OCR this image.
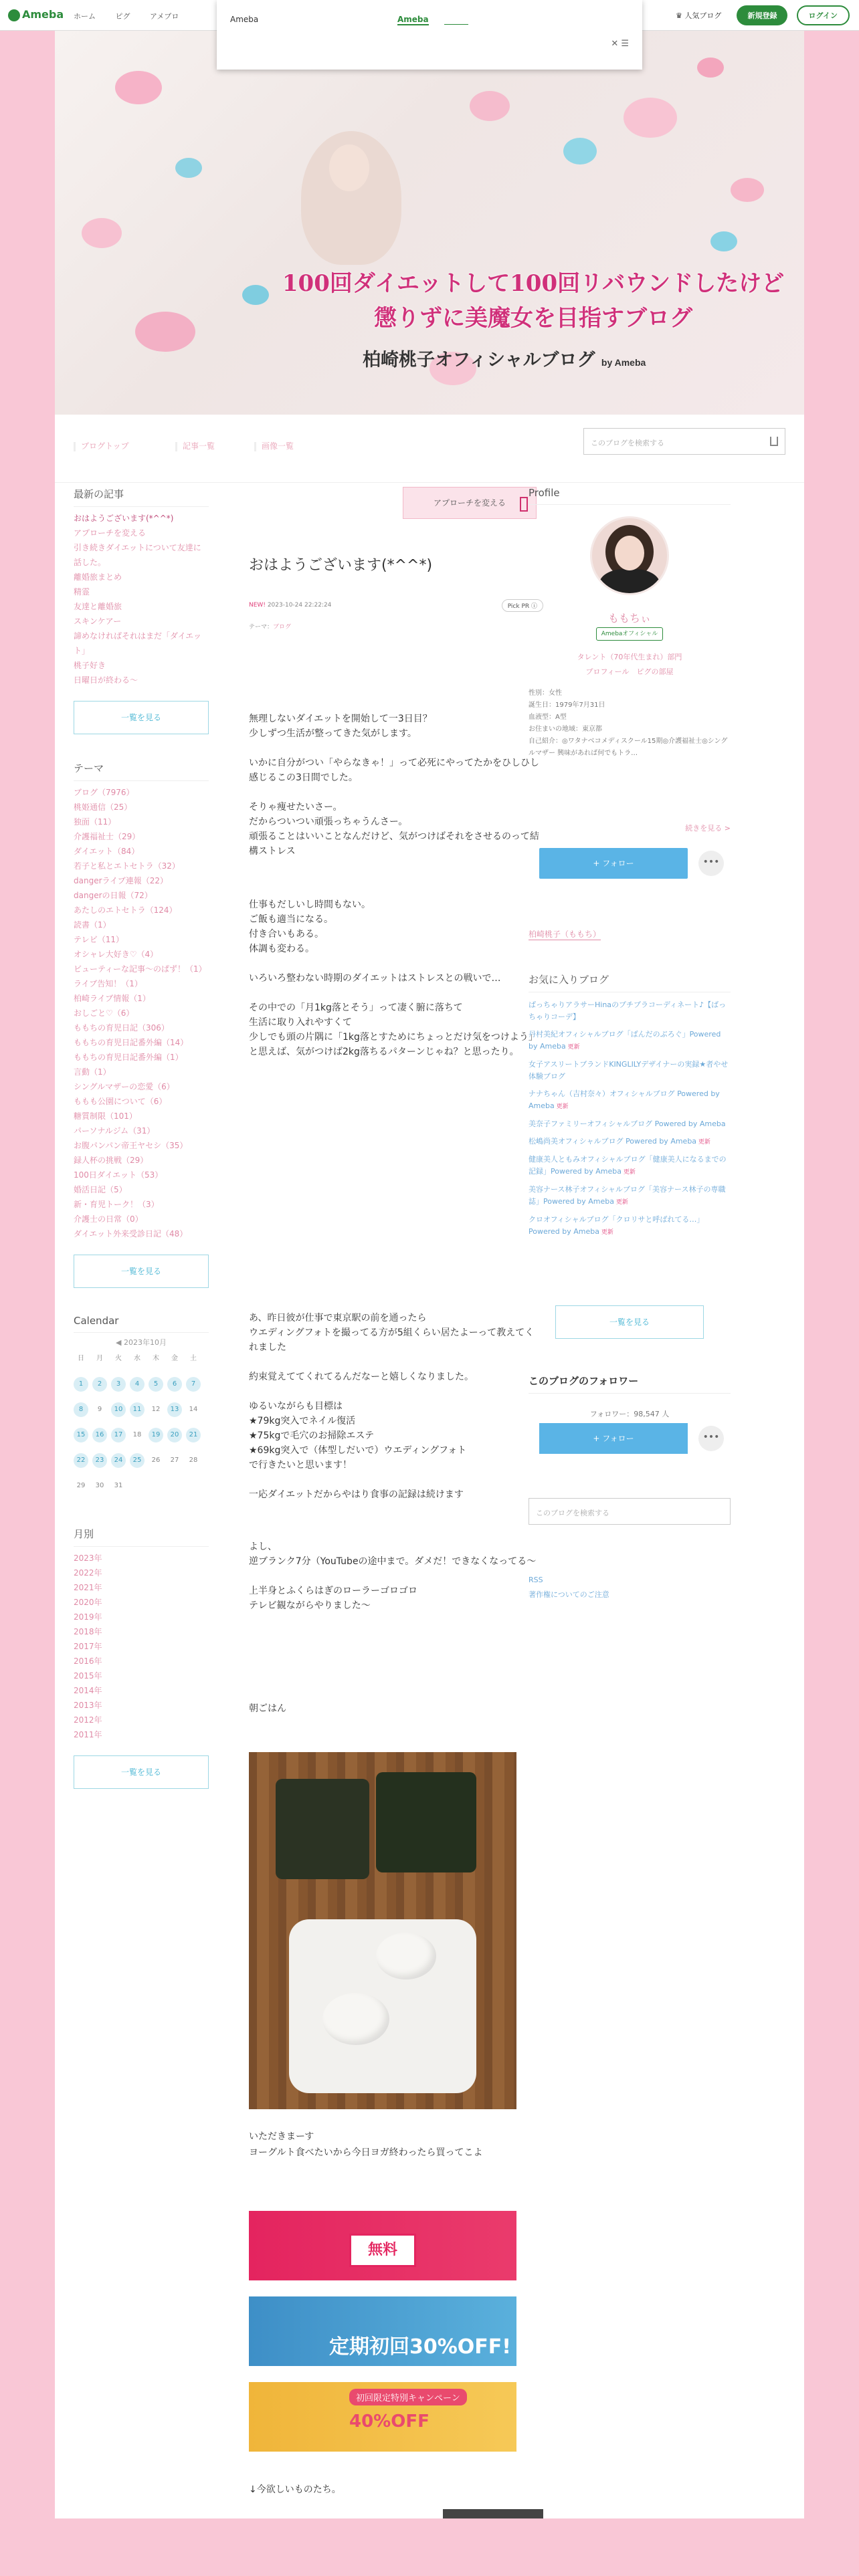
Ameba ホーム	ピグ	アメブロ	♛ 人気ブログ	新規登録	ログイン
Ameba	Ameba
✕ ☰
100回ダイエットして100回リバウンドしたけど
懲りずに美魔女を目指すブログ
柏崎桃子オフィシャルブログ by Ameba
ブログトップ	記事一覧	画像一覧	このブログを検索する
最新の記事
おはようございます(*^^*)
アプローチを変える
引き続きダイエットについて友達に話した。
離婚旅まとめ
精霊
友達と離婚旅
スキンケアー
諦めなければそれはまだ「ダイエット」
桃子好き
日曜日が終わる〜
一覧を見る
テーマ
ブログ（7976）
桃姫通信（25）
独面（11）
介護福祉士（29）
ダイエット（84）
若子と私とエトセトラ（32）
dangerライブ連報（22）
dangerの日報（72）
あたしのエトセトラ（124）
読書（1）
テレビ（11）
オシャレ大好き♡（4）
ビューティーな記事～のぱず！（1）
ライブ告知！（1）
柏崎ライブ情報（1）
おしごと♡（6）
ももちの育児日記（306）
ももちの育児日記番外編（14）
ももちの育児日記番外編（1）
言動（1）
シングルマザーの恋愛（6）
ももも公園について（6）
糖質制限（101）
パーソナルジム（31）
お腹パンパン帝王ヤセシ（35）
録人杯の挑戦（29）
100日ダイエット（53）
婚活日記（5）
新・育児トーク！（3）
介護士の日常（0）
ダイエット外来受診日記（48）
一覧を見る
Calendar
◀ 2023年10月
日	月	火	水	木	金	土
1	2	3	4	5	6	7
8	9	10	11	12	13	14
15	16	17	18	19	20	21
22	23	24	25	26	27	28
29	30	31
月別
2023年
2022年
2021年
2020年
2019年
2018年
2017年
2016年
2015年
2014年
2013年
2012年
2011年
一覧を見る
アプローチを変える
おはようございます(*^^*)
NEW! 2023-10-24 22:22:24	Pick PR ⓘ
テーマ：ブログ
無理しないダイエットを開始して一3日目？
少しずつ生活が整ってきた気がします。

いかに自分がつい「やらなきゃ！」って必死にやってたかをひしひし感じるこの3日間でした。

そりゃ痩せたいさー。
だからついつい頑張っちゃうんさー。
頑張ることはいいことなんだけど、気がつけばそれをさせるのって結構ストレス
仕事もだしいし時間もない。
ご飯も適当になる。
付き合いもある。
体調も変わる。

いろいろ整わない時期のダイエットはストレスとの戦いで…

その中での「月1kg落とそう」って凄く腑に落ちて
生活に取り入れやすくて
少しでも頭の片隅に「1kg落とすためにちょっとだけ気をつけよう」と思えば、気がつけば2kg落ちるパターンじゃね？と思ったり。
あ、昨日彼が仕事で東京駅の前を通ったら
ウエディングフォトを撮ってる方が5組くらい居たよーって教えてくれました
約束覚えててくれてるんだなーと嬉しくなりました。

ゆるいながらも目標は
★79kg突入でネイル復活
★75kgで毛穴のお掃除エステ
★69kg突入で（体型しだいで）ウエディングフォト
で行きたいと思います！

一応ダイエットだからやはり食事の記録は続けます
よし、
逆ブランク7分（YouTubeの途中まで。ダメだ！できなくなってる〜
上半身とふくらはぎのローラーゴロゴロ
テレビ観ながらやりました〜
朝ごはん
いただきまーす
ヨーグルト食べたいから今日ヨガ終わったら買ってこよ
無料
定期初回30%OFF!
初回限定特別キャンペーン
40%OFF
↓今欲しいものたち。
Profile
ももちぃ
Amebaオフィシャル
タレント（70年代生まれ）部門
プロフィール　 ピグの部屋
性別：女性
誕生日：1979年7月31日
血液型：A型
お住まいの地域：東京都
自己紹介：◎ワタナベコメディスクール15期◎介護福祉士◎シングルマザー 興味があれば何でもトラ…
続きを見る >
+ フォロー	•••
柏崎桃子（ももち）
お気に入りブログ
ばっちゃりアラサーHinaのプチプラコーディネート♪【ばっちゃりコーデ】
丹村美紀オフィシャルブログ「ばんだのぶろぐ」Powered by Ameba 更新
女子アスリートブランドKINGLILYデザイナーの実録★者やせ体験ブログ
ナナちゃん（吉村奈々）オフィシャルブログ Powered by Ameba 更新
美奈子ファミリーオフィシャルブログ Powered by Ameba
松嶋尚美オフィシャルブログ Powered by Ameba 更新
健康美人ともみオフィシャルブログ「健康美人になるまでの記録」Powered by Ameba 更新
美容ナース林子オフィシャルブログ「美容ナース林子の専職誌」Powered by Ameba 更新
クロオフィシャルブログ「クロリサと呼ばれてる…」Powered by Ameba 更新
一覧を見る
このブログのフォロワー
フォロワー：98,547 人
+ フォロー	•••
このブログを検索する
RSS
著作権についてのご注意
